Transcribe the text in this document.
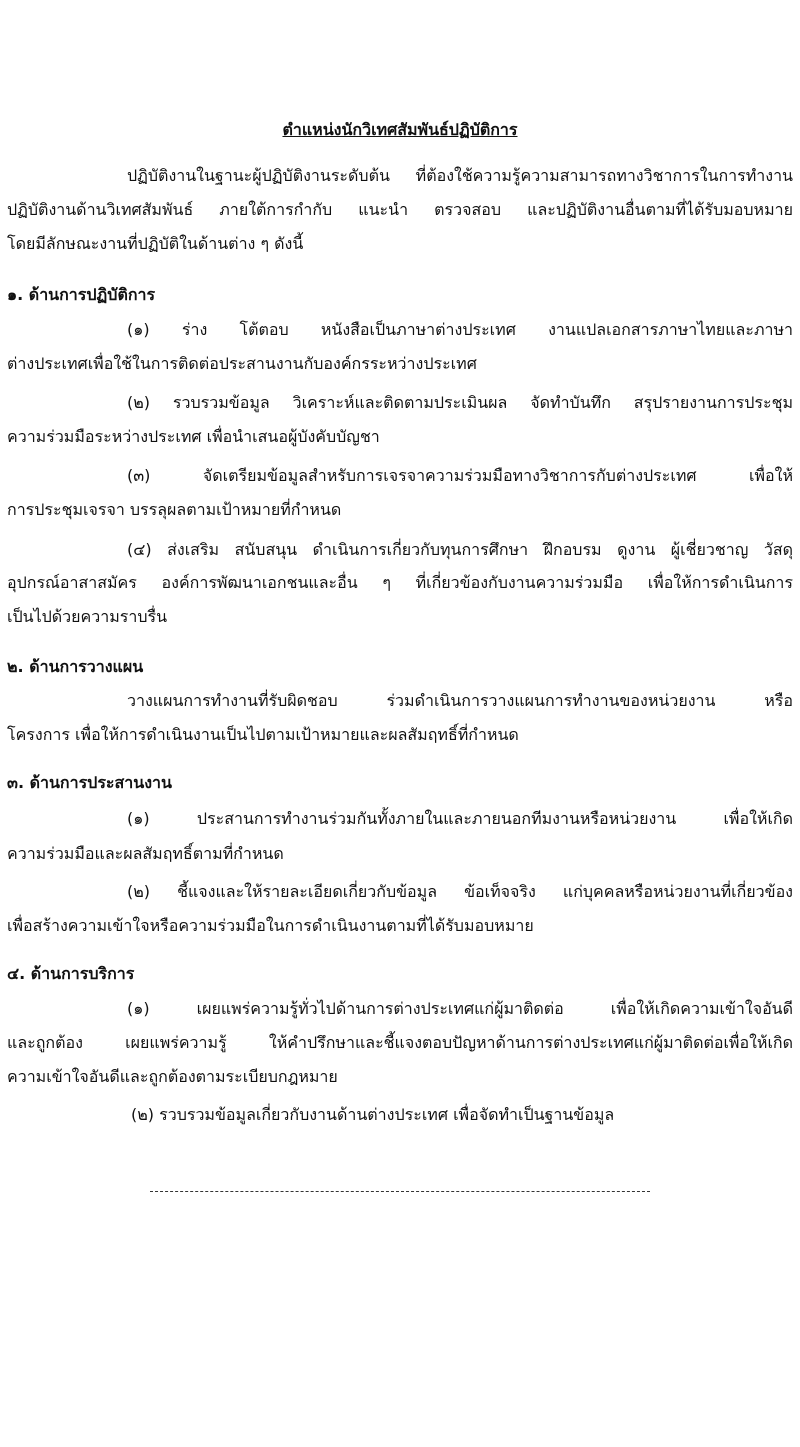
ตำแหน่งนักวิเทศสัมพันธ์ปฏิบัติการ
ปฏิบัติงานในฐานะผู้ปฏิบัติงานระดับต้น ที่ต้องใช้ความรู้ความสามารถทางวิชาการในการทำงาน
ปฏิบัติงานด้านวิเทศสัมพันธ์ ภายใต้การกำกับ แนะนำ ตรวจสอบ และปฏิบัติงานอื่นตามที่ได้รับมอบหมาย
โดยมีลักษณะงานที่ปฏิบัติในด้านต่าง ๆ ดังนี้
๑. ด้านการปฏิบัติการ
(๑) ร่าง โต้ตอบ หนังสือเป็นภาษาต่างประเทศ งานแปลเอกสารภาษาไทยและภาษา
ต่างประเทศเพื่อใช้ในการติดต่อประสานงานกับองค์กรระหว่างประเทศ
(๒) รวบรวมข้อมูล วิเคราะห์และติดตามประเมินผล จัดทำบันทึก สรุปรายงานการประชุม
ความร่วมมือระหว่างประเทศ เพื่อนำเสนอผู้บังคับบัญชา
(๓) จัดเตรียมข้อมูลสำหรับการเจรจาความร่วมมือทางวิชาการกับต่างประเทศ เพื่อให้
การประชุมเจรจา บรรลุผลตามเป้าหมายที่กำหนด
(๔) ส่งเสริม สนับสนุน ดำเนินการเกี่ยวกับทุนการศึกษา ฝึกอบรม ดูงาน ผู้เชี่ยวชาญ วัสดุ
อุปกรณ์อาสาสมัคร องค์การพัฒนาเอกชนและอื่น ๆ ที่เกี่ยวข้องกับงานความร่วมมือ เพื่อให้การดำเนินการ
เป็นไปด้วยความราบรื่น
๒. ด้านการวางแผน
วางแผนการทำงานที่รับผิดชอบ ร่วมดำเนินการวางแผนการทำงานของหน่วยงาน หรือ
โครงการ เพื่อให้การดำเนินงานเป็นไปตามเป้าหมายและผลสัมฤทธิ์ที่กำหนด
๓. ด้านการประสานงาน
(๑) ประสานการทำงานร่วมกันทั้งภายในและภายนอกทีมงานหรือหน่วยงาน เพื่อให้เกิด
ความร่วมมือและผลสัมฤทธิ์ตามที่กำหนด
(๒) ชี้แจงและให้รายละเอียดเกี่ยวกับข้อมูล ข้อเท็จจริง แก่บุคคลหรือหน่วยงานที่เกี่ยวข้อง
เพื่อสร้างความเข้าใจหรือความร่วมมือในการดำเนินงานตามที่ได้รับมอบหมาย
๔. ด้านการบริการ
(๑) เผยแพร่ความรู้ทั่วไปด้านการต่างประเทศแก่ผู้มาติดต่อ เพื่อให้เกิดความเข้าใจอันดี
และถูกต้อง เผยแพร่ความรู้ ให้คำปรึกษาและชี้แจงตอบปัญหาด้านการต่างประเทศแก่ผู้มาติดต่อเพื่อให้เกิด
ความเข้าใจอันดีและถูกต้องตามระเบียบกฎหมาย
(๒) รวบรวมข้อมูลเกี่ยวกับงานด้านต่างประเทศ เพื่อจัดทำเป็นฐานข้อมูล
